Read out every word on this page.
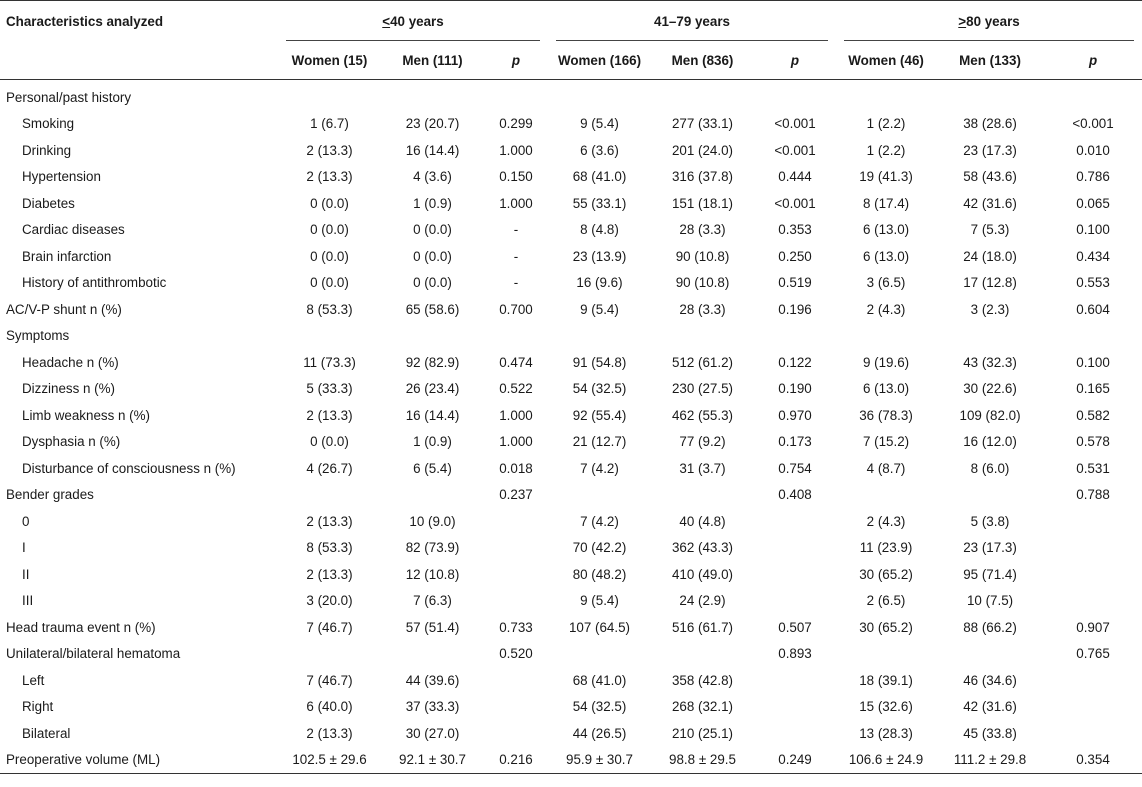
Characteristics analyzed	<40 years			41–79 years			>80 years		

	Women (15)	Men (111)	p	Women (166)	Men (836)	p	Women (46)	Men (133)	p
Personal/past history									
Smoking	1 (6.7)	23 (20.7)	0.299	9 (5.4)	277 (33.1)	<0.001	1 (2.2)	38 (28.6)	<0.001
Drinking	2 (13.3)	16 (14.4)	1.000	6 (3.6)	201 (24.0)	<0.001	1 (2.2)	23 (17.3)	0.010
Hypertension	2 (13.3)	4 (3.6)	0.150	68 (41.0)	316 (37.8)	0.444	19 (41.3)	58 (43.6)	0.786
Diabetes	0 (0.0)	1 (0.9)	1.000	55 (33.1)	151 (18.1)	<0.001	8 (17.4)	42 (31.6)	0.065
Cardiac diseases	0 (0.0)	0 (0.0)	-	8 (4.8)	28 (3.3)	0.353	6 (13.0)	7 (5.3)	0.100
Brain infarction	0 (0.0)	0 (0.0)	-	23 (13.9)	90 (10.8)	0.250	6 (13.0)	24 (18.0)	0.434
History of antithrombotic	0 (0.0)	0 (0.0)	-	16 (9.6)	90 (10.8)	0.519	3 (6.5)	17 (12.8)	0.553
AC/V-P shunt n (%)	8 (53.3)	65 (58.6)	0.700	9 (5.4)	28 (3.3)	0.196	2 (4.3)	3 (2.3)	0.604
Symptoms									
Headache n (%)	11 (73.3)	92 (82.9)	0.474	91 (54.8)	512 (61.2)	0.122	9 (19.6)	43 (32.3)	0.100
Dizziness n (%)	5 (33.3)	26 (23.4)	0.522	54 (32.5)	230 (27.5)	0.190	6 (13.0)	30 (22.6)	0.165
Limb weakness n (%)	2 (13.3)	16 (14.4)	1.000	92 (55.4)	462 (55.3)	0.970	36 (78.3)	109 (82.0)	0.582
Dysphasia n (%)	0 (0.0)	1 (0.9)	1.000	21 (12.7)	77 (9.2)	0.173	7 (15.2)	16 (12.0)	0.578
Disturbance of consciousness n (%)	4 (26.7)	6 (5.4)	0.018	7 (4.2)	31 (3.7)	0.754	4 (8.7)	8 (6.0)	0.531
Bender grades			0.237			0.408			0.788
0	2 (13.3)	10 (9.0)		7 (4.2)	40 (4.8)		2 (4.3)	5 (3.8)	
I	8 (53.3)	82 (73.9)		70 (42.2)	362 (43.3)		11 (23.9)	23 (17.3)	
II	2 (13.3)	12 (10.8)		80 (48.2)	410 (49.0)		30 (65.2)	95 (71.4)	
III	3 (20.0)	7 (6.3)		9 (5.4)	24 (2.9)		2 (6.5)	10 (7.5)	
Head trauma event n (%)	7 (46.7)	57 (51.4)	0.733	107 (64.5)	516 (61.7)	0.507	30 (65.2)	88 (66.2)	0.907
Unilateral/bilateral hematoma			0.520			0.893			0.765
Left	7 (46.7)	44 (39.6)		68 (41.0)	358 (42.8)		18 (39.1)	46 (34.6)	
Right	6 (40.0)	37 (33.3)		54 (32.5)	268 (32.1)		15 (32.6)	42 (31.6)	
Bilateral	2 (13.3)	30 (27.0)		44 (26.5)	210 (25.1)		13 (28.3)	45 (33.8)	
Preoperative volume (ML)	102.5 ± 29.6	92.1 ± 30.7	0.216	95.9 ± 30.7	98.8 ± 29.5	0.249	106.6 ± 24.9	111.2 ± 29.8	0.354
